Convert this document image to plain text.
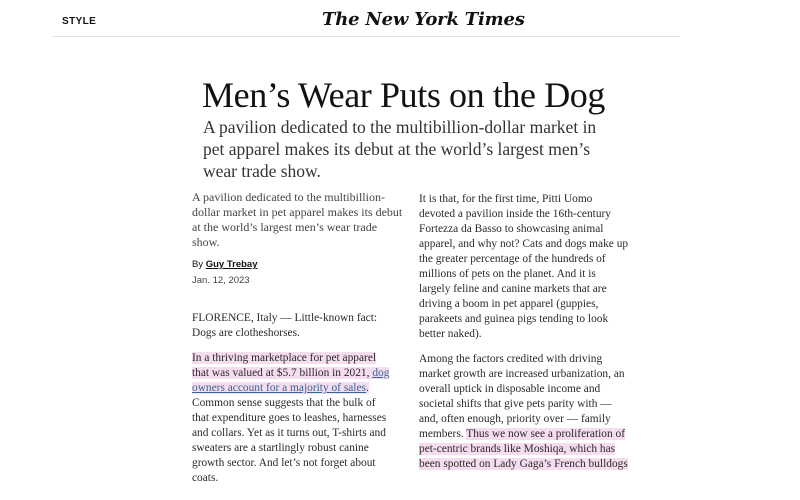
STYLE	The New York Times
Men’s Wear Puts on the Dog
A pavilion dedicated to the multibillion-dollar market in pet apparel makes its debut at the world’s largest men’s wear trade show.
A pavilion dedicated to the multibillion-dollar market in pet apparel makes its debut at the world’s largest men’s wear trade show.
By Guy Trebay
Jan. 12, 2023

FLORENCE, Italy — Little-known fact: Dogs are clotheshorses.

In a thriving marketplace for pet apparel that was valued at $5.7 billion in 2021, dog owners account for a majority of sales. Common sense suggests that the bulk of that expenditure goes to leashes, harnesses and collars. Yet as it turns out, T-shirts and sweaters are a startlingly robust canine growth sector. And let’s not forget about coats.

It is that, for the first time, Pitti Uomo devoted a pavilion inside the 16th-century Fortezza da Basso to showcasing animal apparel, and why not? Cats and dogs make up the greater percentage of the hundreds of millions of pets on the planet. And it is largely feline and canine markets that are driving a boom in pet apparel (guppies, parakeets and guinea pigs tending to look better naked).

Among the factors credited with driving market growth are increased urbanization, an overall uptick in disposable income and societal shifts that give pets parity with — and, often enough, priority over — family members. Thus we now see a proliferation of pet-centric brands like Moshiqa, which has been spotted on Lady Gaga’s French bulldogs
